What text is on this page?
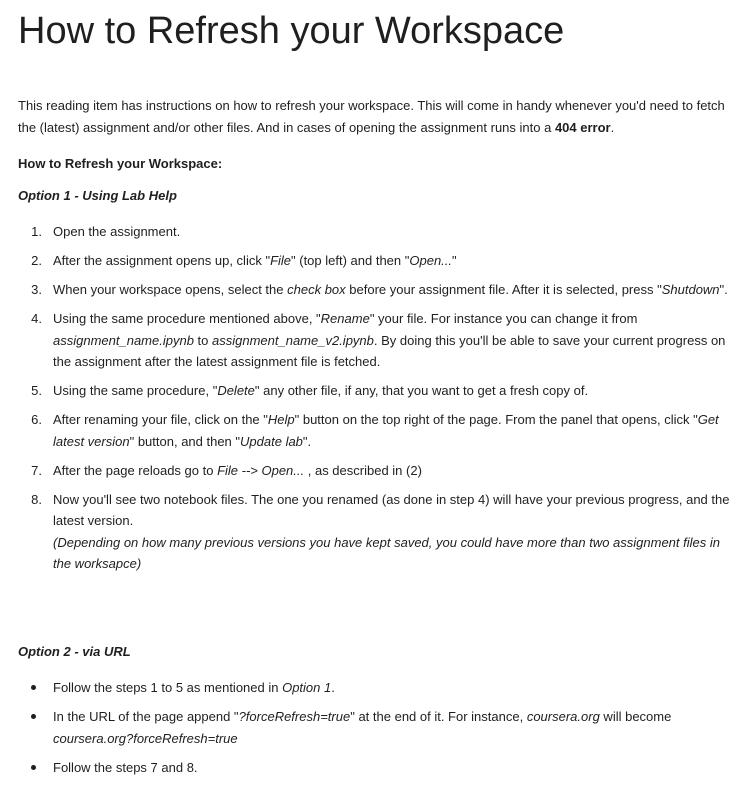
How to Refresh your Workspace

This reading item has instructions on how to refresh your workspace. This will come in handy whenever you'd need to fetch the (latest) assignment and/or other files. And in cases of opening the assignment runs into a 404 error.

How to Refresh your Workspace:
Option 1 - Using Lab Help
1. Open the assignment.
2. After the assignment opens up, click "File" (top left) and then "Open..."
3. When your workspace opens, select the check box before your assignment file. After it is selected, press "Shutdown".
4. Using the same procedure mentioned above, "Rename" your file. For instance you can change it from assignment_name.ipynb to assignment_name_v2.ipynb. By doing this you'll be able to save your current progress on the assignment after the latest assignment file is fetched.
5. Using the same procedure, "Delete" any other file, if any, that you want to get a fresh copy of.
6. After renaming your file, click on the "Help" button on the top right of the page. From the panel that opens, click "Get latest version" button, and then "Update lab".
7. After the page reloads go to File --> Open... , as described in (2)
8. Now you'll see two notebook files. The one you renamed (as done in step 4) will have your previous progress, and the latest version.
(Depending on how many previous versions you have kept saved, you could have more than two assignment files in the worksapce)
Option 2 - via URL
Follow the steps 1 to 5 as mentioned in Option 1.
In the URL of the page append "?forceRefresh=true" at the end of it. For instance, coursera.org will become coursera.org?forceRefresh=true
Follow the steps 7 and 8.
